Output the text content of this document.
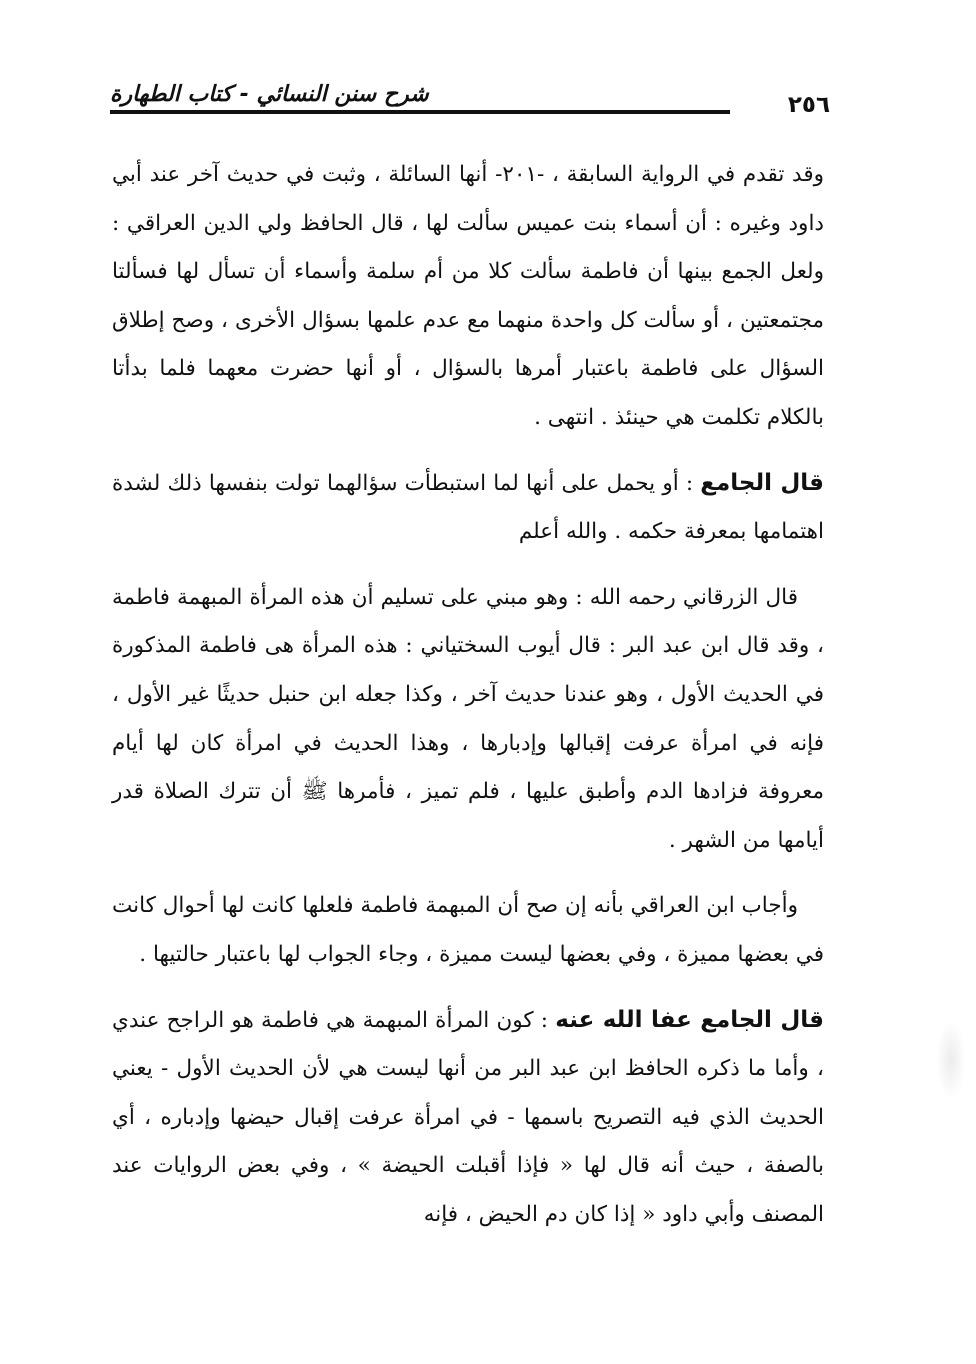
٢٥٦
شرح سنن النسائي - كتاب الطهارة

وقد تقدم في الرواية السابقة ، -٢٠١- أنها السائلة ، وثبت في حديث آخر عند أبي داود وغيره : أن أسماء بنت عميس سألت لها ، قال الحافظ ولي الدين العراقي : ولعل الجمع بينها أن فاطمة سألت كلا من أم سلمة وأسماء أن تسأل لها فسألتا مجتمعتين ، أو سألت كل واحدة منهما مع عدم علمها بسؤال الأخرى ، وصح إطلاق السؤال على فاطمة باعتبار أمرها بالسؤال ، أو أنها حضرت معهما فلما بدأتا بالكلام تكلمت هي حينئذ . انتهى .

قال الجامع : أو يحمل على أنها لما استبطأت سؤالهما تولت بنفسها ذلك لشدة اهتمامها بمعرفة حكمه . والله أعلم

قال الزرقاني رحمه الله : وهو مبني على تسليم أن هذه المرأة المبهمة فاطمة ، وقد قال ابن عبد البر : قال أيوب السختياني : هذه المرأة هى فاطمة المذكورة في الحديث الأول ، وهو عندنا حديث آخر ، وكذا جعله ابن حنبل حديثًا غير الأول ، فإنه في امرأة عرفت إقبالها وإدبارها ، وهذا الحديث في امرأة كان لها أيام معروفة فزادها الدم وأطبق عليها ، فلم تميز ، فأمرها ﷺ أن تترك الصلاة قدر أيامها من الشهر .

وأجاب ابن العراقي بأنه إن صح أن المبهمة فاطمة فلعلها كانت لها أحوال كانت في بعضها مميزة ، وفي بعضها ليست مميزة ، وجاء الجواب لها باعتبار حالتيها .

قال الجامع عفا الله عنه : كون المرأة المبهمة هي فاطمة هو الراجح عندي ، وأما ما ذكره الحافظ ابن عبد البر من أنها ليست هي لأن الحديث الأول - يعني الحديث الذي فيه التصريح باسمها - في امرأة عرفت إقبال حيضها وإدباره ، أي بالصفة ، حيث أنه قال لها « فإذا أقبلت الحيضة » ، وفي بعض الروايات عند المصنف وأبي داود « إذا كان دم الحيض ، فإنه
